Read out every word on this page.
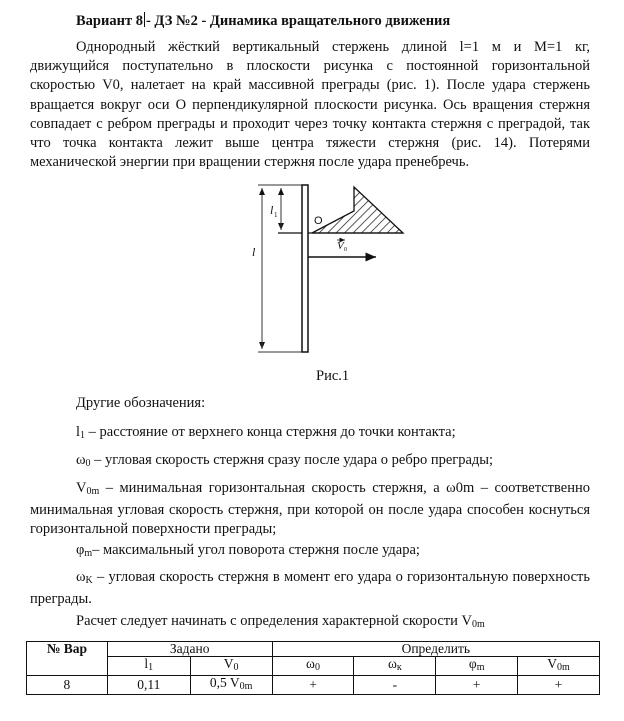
Вариант 8 - ДЗ №2 - Динамика вращательного движения
Однородный жёсткий вертикальный стержень длиной l=1 м и М=1 кг, движущийся поступательно в плоскости рисунка с постоянной горизонтальной скоростью V0, налетает на край массивной преграды (рис. 1). После удара стержень вращается вокруг оси О перпендикулярной плоскости рисунка. Ось вращения стержня совпадает с ребром преграды и проходит через точку контакта стержня с преградой, так что точка контакта лежит выше центра тяжести стержня (рис. 14). Потерями механической энергии при вращении стержня после удара пренебречь.
l
l 1	O
V 0
Рис.1
Другие обозначения:
$l_1$ – расстояние от верхнего конца стержня до точки контакта;
$\omega_0$ – угловая скорость стержня сразу после удара о ребро преграды;
$V_{0m}$ – минимальная горизонтальная скорость стержня, а ω0m – соответственно минимальная угловая скорость стержня, при которой он после удара способен коснуться горизонтальной поверхности преграды;
$\varphi_m-$ максимальный угол поворота стержня после удара;
$\omega_K$ – угловая скорость стержня в момент его удара о горизонтальную поверхность преграды.
Расчет следует начинать с определения характерной скорости $V_{0m}$
№ Вар	Задано		Определить			
	$l_1$	$V_0$	$\omega_0$	$\omega_к$	$\varphi_m$	$V_{0m}$
8	0,11	0,5 $V_{0m}$	+	-	+	+
